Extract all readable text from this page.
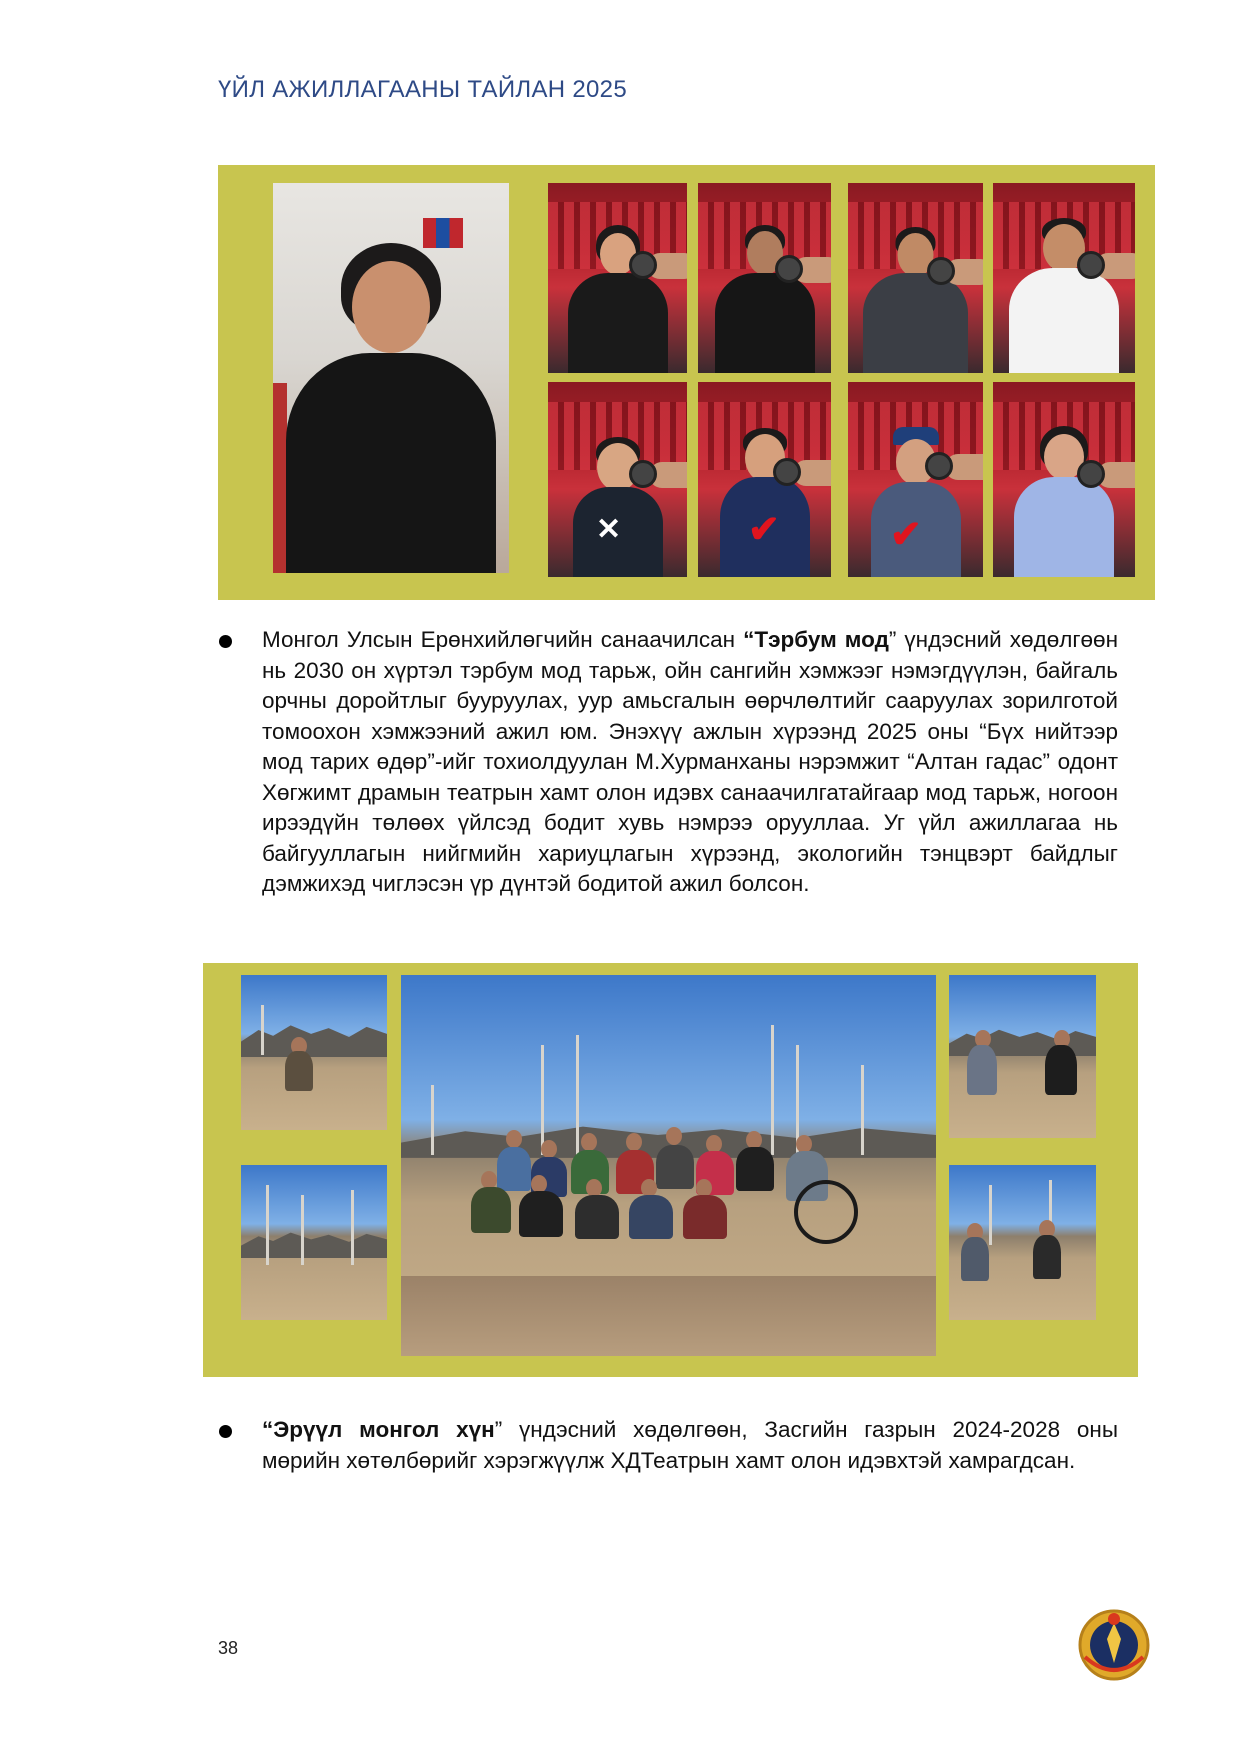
ҮЙЛ АЖИЛЛАГААНЫ ТАЙЛАН 2025
✕	✔	✔
Монгол Улсын Ерөнхийлөгчийн санаачилсан “Тэрбум мод” үндэсний хөдөлгөөн нь 2030 он хүртэл тэрбум мод тарьж, ойн сангийн хэмжээг нэмэгдүүлэн, байгаль орчны доройтлыг бууруулах, уур амьсгалын өөрчлөлтийг сааруулах зорилготой томоохон хэмжээний ажил юм. Энэхүү ажлын хүрээнд 2025 оны “Бүх нийтээр мод тарих өдөр”-ийг тохиолдуулан М.Хурманханы нэрэмжит “Алтан гадас” одонт Хөгжимт драмын театрын хамт олон идэвх санаачилгатайгаар мод тарьж, ногоон ирээдүйн төлөөх үйлсэд бодит хувь нэмрээ орууллаа. Уг үйл ажиллагаа нь байгууллагын нийгмийн хариуцлагын хүрээнд, экологийн тэнцвэрт байдлыг дэмжихэд чиглэсэн үр дүнтэй бодитой ажил болсон.
“Эрүүл монгол хүн” үндэсний хөдөлгөөн, Засгийн газрын 2024-2028 оны мөрийн хөтөлбөрийг хэрэгжүүлж ХДТеатрын хамт олон идэвхтэй хамрагдсан.
38
